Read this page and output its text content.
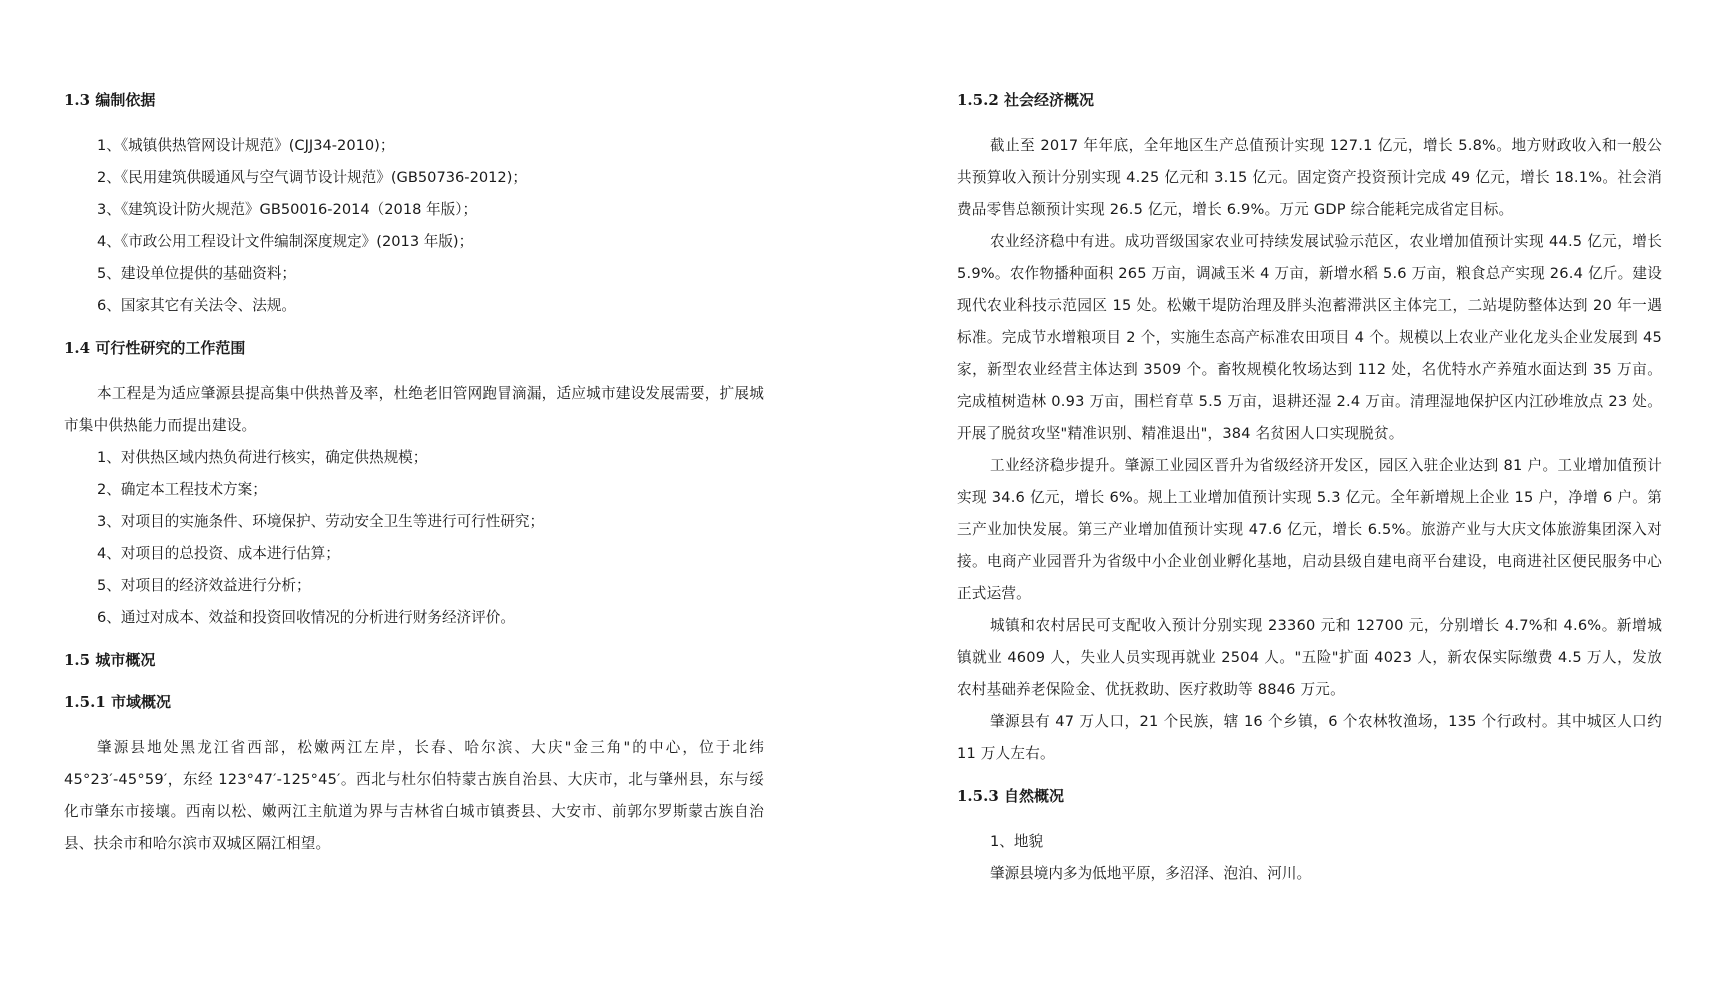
1.3 编制依据
1、《城镇供热管网设计规范》(CJJ34-2010)；
2、《民用建筑供暖通风与空气调节设计规范》(GB50736-2012)；
3、《建筑设计防火规范》GB50016-2014（2018 年版）；
4、《市政公用工程设计文件编制深度规定》(2013 年版)；
5、建设单位提供的基础资料；
6、国家其它有关法令、法规。
1.4 可行性研究的工作范围

本工程是为适应肇源县提高集中供热普及率，杜绝老旧管网跑冒滴漏，适应城市建设发展需要，扩展城市集中供热能力而提出建设。

1、对供热区域内热负荷进行核实，确定供热规模；
2、确定本工程技术方案；
3、对项目的实施条件、环境保护、劳动安全卫生等进行可行性研究；
4、对项目的总投资、成本进行估算；
5、对项目的经济效益进行分析；
6、通过对成本、效益和投资回收情况的分析进行财务经济评价。
1.5 城市概况
1.5.1 市域概况

肇源县地处黑龙江省西部，松嫩两江左岸，长春、哈尔滨、大庆"金三角"的中心，位于北纬 45°23′-45°59′，东经 123°47′-125°45′。西北与杜尔伯特蒙古族自治县、大庆市，北与肇州县，东与绥化市肇东市接壤。西南以松、嫩两江主航道为界与吉林省白城市镇赉县、大安市、前郭尔罗斯蒙古族自治县、扶余市和哈尔滨市双城区隔江相望。

1.5.2 社会经济概况

截止至 2017 年年底，全年地区生产总值预计实现 127.1 亿元，增长 5.8%。地方财政收入和一般公共预算收入预计分别实现 4.25 亿元和 3.15 亿元。固定资产投资预计完成 49 亿元，增长 18.1%。社会消费品零售总额预计实现 26.5 亿元，增长 6.9%。万元 GDP 综合能耗完成省定目标。

农业经济稳中有进。成功晋级国家农业可持续发展试验示范区，农业增加值预计实现 44.5 亿元，增长 5.9%。农作物播种面积 265 万亩，调减玉米 4 万亩，新增水稻 5.6 万亩，粮食总产实现 26.4 亿斤。建设现代农业科技示范园区 15 处。松嫩干堤防治理及胖头泡蓄滞洪区主体完工，二站堤防整体达到 20 年一遇标准。完成节水增粮项目 2 个，实施生态高产标准农田项目 4 个。规模以上农业产业化龙头企业发展到 45 家，新型农业经营主体达到 3509 个。畜牧规模化牧场达到 112 处，名优特水产养殖水面达到 35 万亩。完成植树造林 0.93 万亩，围栏育草 5.5 万亩，退耕还湿 2.4 万亩。清理湿地保护区内江砂堆放点 23 处。开展了脱贫攻坚"精准识别、精准退出"，384 名贫困人口实现脱贫。

工业经济稳步提升。肇源工业园区晋升为省级经济开发区，园区入驻企业达到 81 户。工业增加值预计实现 34.6 亿元，增长 6%。规上工业增加值预计实现 5.3 亿元。全年新增规上企业 15 户，净增 6 户。第三产业加快发展。第三产业增加值预计实现 47.6 亿元，增长 6.5%。旅游产业与大庆文体旅游集团深入对接。电商产业园晋升为省级中小企业创业孵化基地，启动县级自建电商平台建设，电商进社区便民服务中心正式运营。

城镇和农村居民可支配收入预计分别实现 23360 元和 12700 元，分别增长 4.7%和 4.6%。新增城镇就业 4609 人，失业人员实现再就业 2504 人。"五险"扩面 4023 人，新农保实际缴费 4.5 万人，发放农村基础养老保险金、优抚救助、医疗救助等 8846 万元。

肇源县有 47 万人口，21 个民族，辖 16 个乡镇，6 个农林牧渔场，135 个行政村。其中城区人口约 11 万人左右。

1.5.3 自然概况
1、地貌

肇源县境内多为低地平原，多沼泽、泡泊、河川。
